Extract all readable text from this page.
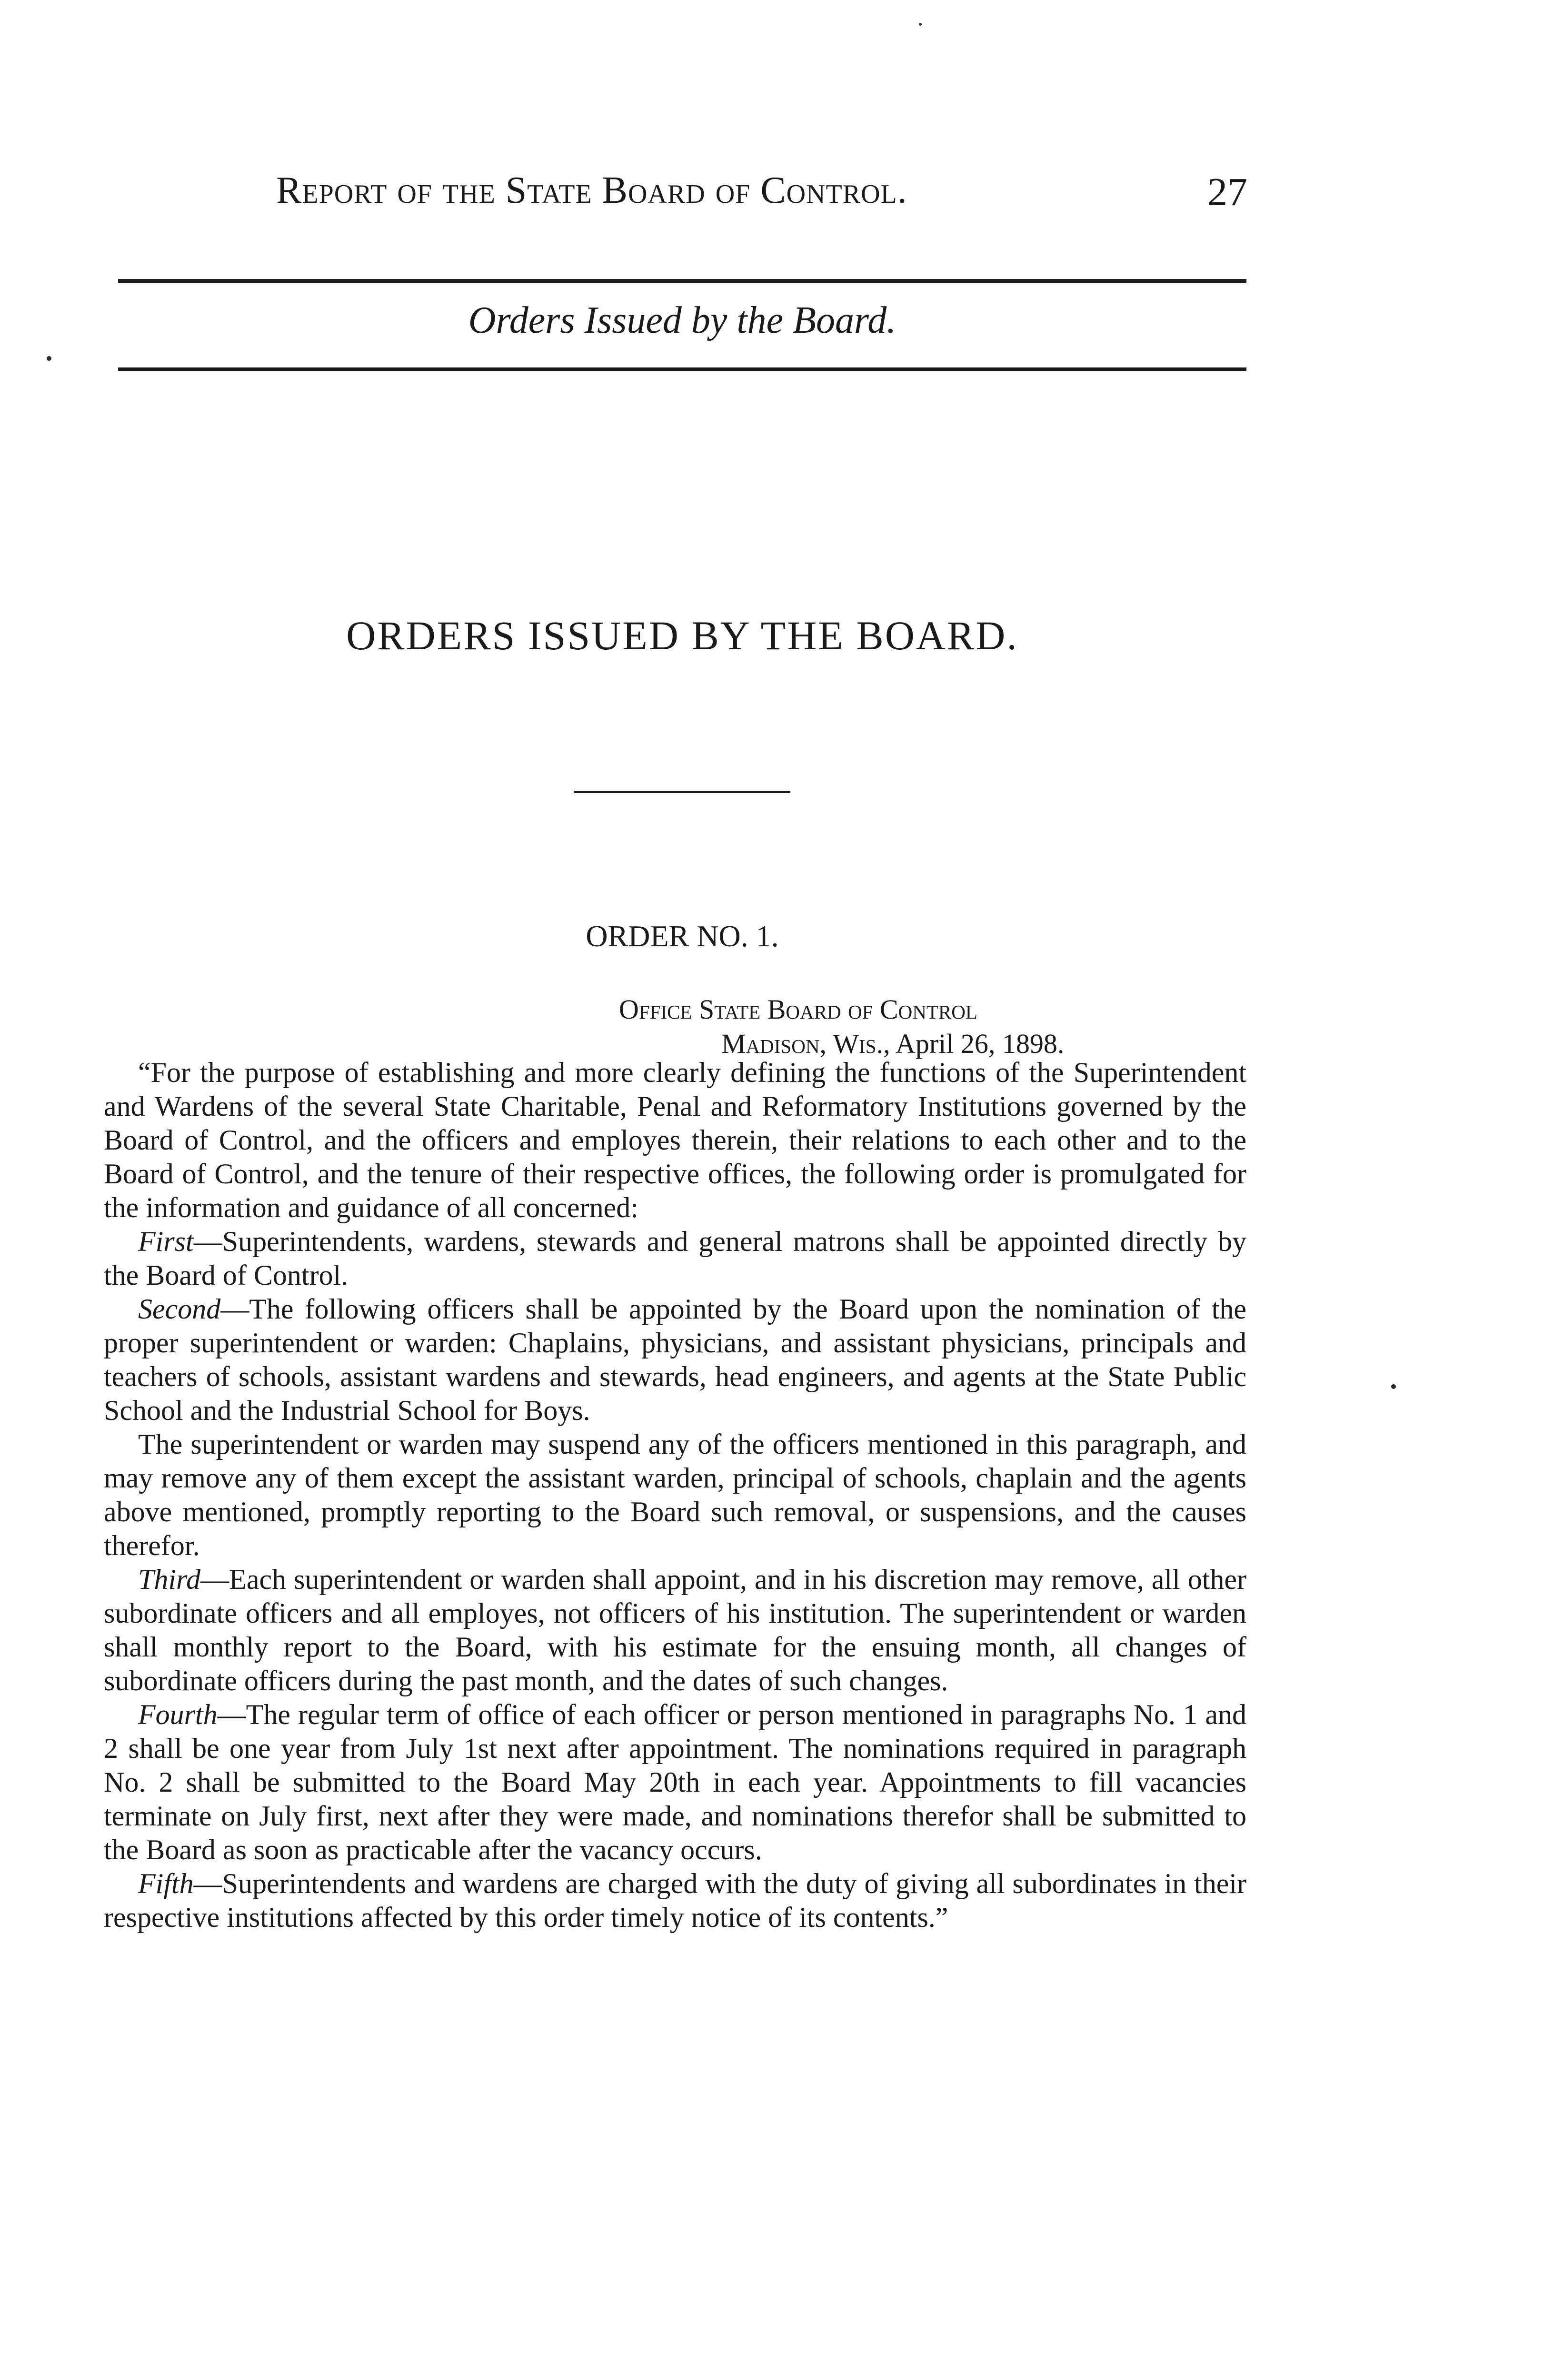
Report of the State Board of Control.	27
Orders Issued by the Board.
ORDERS ISSUED BY THE BOARD.
ORDER NO. 1.
Office State Board of Control
Madison, Wis., April 26, 1898.

“For the purpose of establishing and more clearly defining the functions of the Superintendent and Wardens of the several State Charitable, Penal and Reformatory Institutions governed by the Board of Control, and the officers and employes therein, their relations to each other and to the Board of Control, and the tenure of their respective offices, the following order is promulgated for the information and guidance of all concerned:

First—Superintendents, wardens, stewards and general matrons shall be appointed directly by the Board of Control.

Second—The following officers shall be appointed by the Board upon the nomination of the proper superintendent or warden: Chaplains, physicians, and assistant physicians, principals and teachers of schools, assistant wardens and stewards, head engineers, and agents at the State Public School and the Industrial School for Boys.

The superintendent or warden may suspend any of the officers mentioned in this paragraph, and may remove any of them except the assistant warden, principal of schools, chaplain and the agents above mentioned, promptly reporting to the Board such removal, or suspensions, and the causes therefor.

Third—Each superintendent or warden shall appoint, and in his discretion may remove, all other subordinate officers and all employes, not officers of his institution. The superintendent or warden shall monthly report to the Board, with his estimate for the ensuing month, all changes of subordinate officers during the past month, and the dates of such changes.

Fourth—The regular term of office of each officer or person mentioned in paragraphs No. 1 and 2 shall be one year from July 1st next after appointment. The nominations required in paragraph No. 2 shall be submitted to the Board May 20th in each year. Appointments to fill vacancies terminate on July first, next after they were made, and nominations therefor shall be submitted to the Board as soon as practicable after the vacancy occurs.

Fifth—Superintendents and wardens are charged with the duty of giving all subordinates in their respective institutions affected by this order timely notice of its contents.”
